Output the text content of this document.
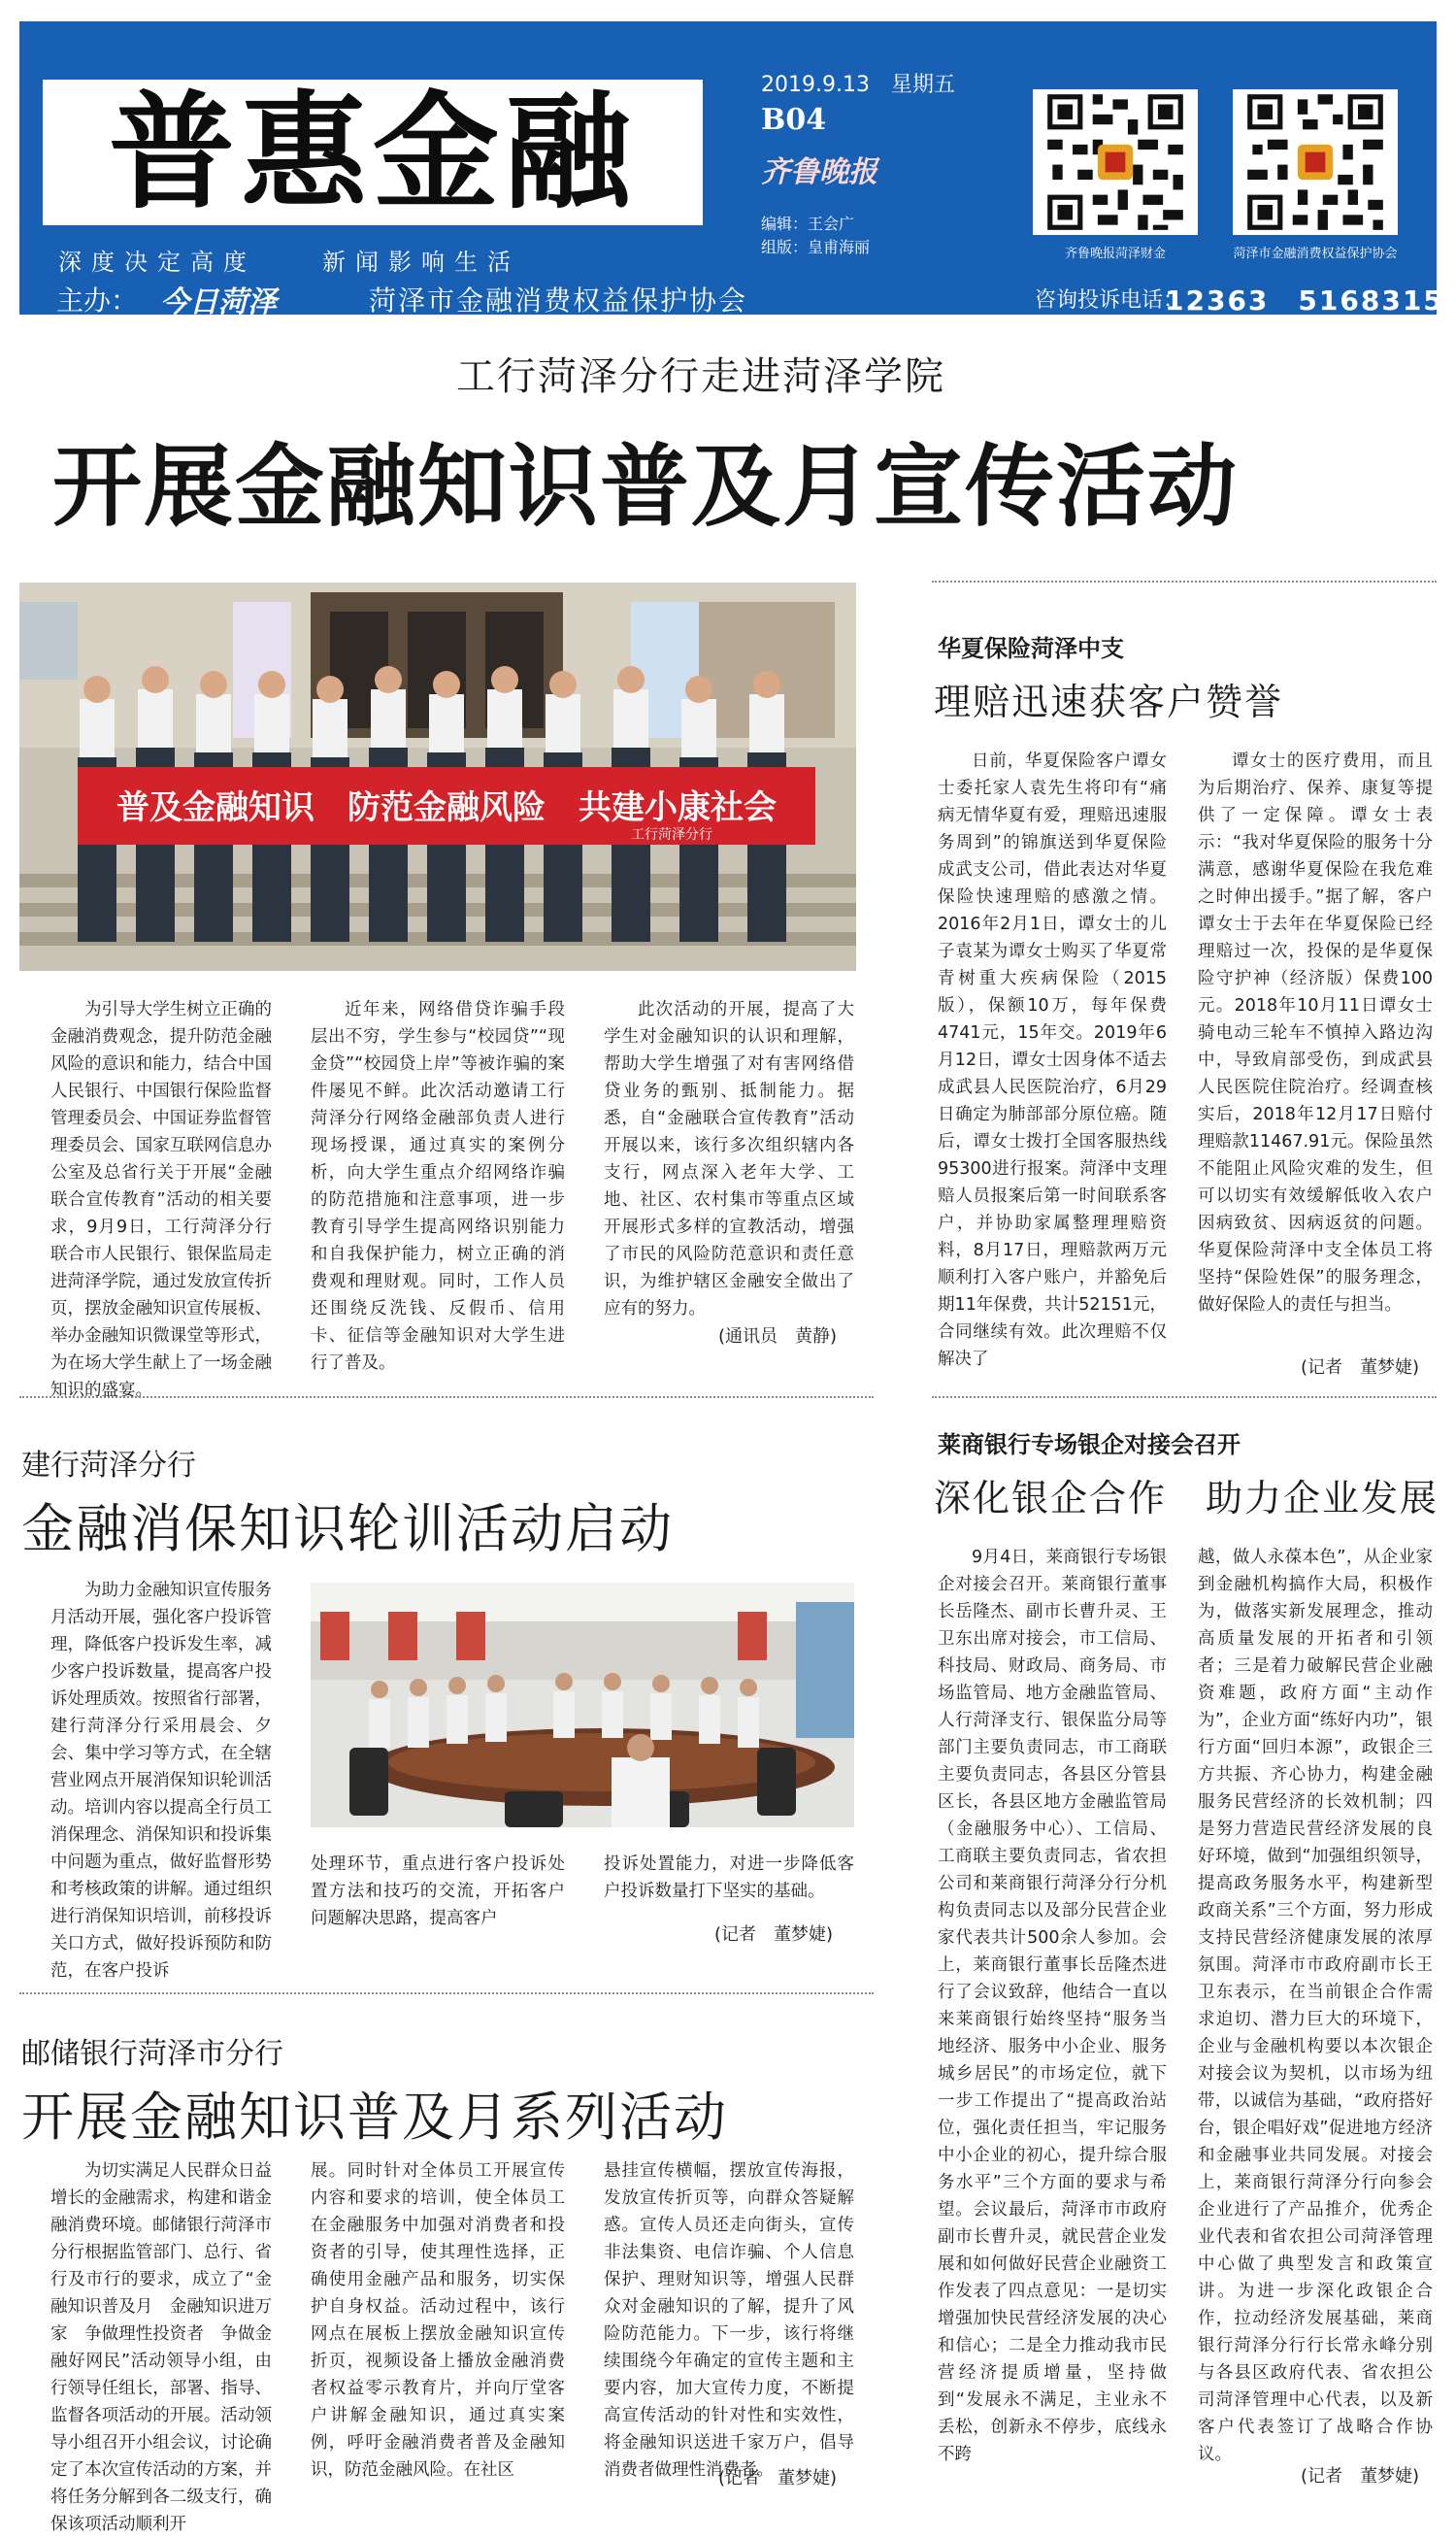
普惠金融
深度决定高度　　新闻影响生活
2019.9.13　星期五
B04
齐鲁晚报
编辑：王会广
组版：皇甫海丽	齐鲁晚报菏泽财金	菏泽市金融消费权益保护协会
主办： 今日菏泽	菏泽市金融消费权益保护协会	咨询投诉电话：
12363　5168315
工行菏泽分行走进菏泽学院
开展金融知识普及月宣传活动
普及金融知识　防范金融风险　共建小康社会
工行菏泽分行

为引导大学生树立正确的金融消费观念，提升防范金融风险的意识和能力，结合中国人民银行、中国银行保险监督管理委员会、中国证券监督管理委员会、国家互联网信息办公室及总省行关于开展“金融联合宣传教育”活动的相关要求，9月9日，工行菏泽分行联合市人民银行、银保监局走进菏泽学院，通过发放宣传折页，摆放金融知识宣传展板、举办金融知识微课堂等形式，为在场大学生献上了一场金融知识的盛宴。

近年来，网络借贷诈骗手段层出不穷，学生参与“校园贷”“现金贷”“校园贷上岸”等被诈骗的案件屡见不鲜。此次活动邀请工行菏泽分行网络金融部负责人进行现场授课，通过真实的案例分析，向大学生重点介绍网络诈骗的防范措施和注意事项，进一步教育引导学生提高网络识别能力和自我保护能力，树立正确的消费观和理财观。同时，工作人员还围绕反洗钱、反假币、信用卡、征信等金融知识对大学生进行了普及。

此次活动的开展，提高了大学生对金融知识的认识和理解，帮助大学生增强了对有害网络借贷业务的甄别、抵制能力。据悉，自“金融联合宣传教育”活动开展以来，该行多次组织辖内各支行，网点深入老年大学、工地、社区、农村集市等重点区域开展形式多样的宣教活动，增强了市民的风险防范意识和责任意识，为维护辖区金融安全做出了应有的努力。

(通讯员　黄静)
华夏保险菏泽中支
理赔迅速获客户赞誉

日前，华夏保险客户谭女士委托家人袁先生将印有“痛病无情华夏有爱，理赔迅速服务周到”的锦旗送到华夏保险成武支公司，借此表达对华夏保险快速理赔的感激之情。2016年2月1日，谭女士的儿子袁某为谭女士购买了华夏常青树重大疾病保险（2015版），保额10万，每年保费4741元，15年交。2019年6月12日，谭女士因身体不适去成武县人民医院治疗，6月29日确定为肺部部分原位癌。随后，谭女士拨打全国客服热线95300进行报案。菏泽中支理赔人员报案后第一时间联系客户，并协助家属整理理赔资料，8月17日，理赔款两万元顺利打入客户账户，并豁免后期11年保费，共计52151元，合同继续有效。此次理赔不仅解决了

谭女士的医疗费用，而且为后期治疗、保养、康复等提供了一定保障。谭女士表示：“我对华夏保险的服务十分满意，感谢华夏保险在我危难之时伸出援手。”据了解，客户谭女士于去年在华夏保险已经理赔过一次，投保的是华夏保险守护神（经济版）保费100元。2018年10月11日谭女士骑电动三轮车不慎掉入路边沟中，导致肩部受伤，到成武县人民医院住院治疗。经调查核实后，2018年12月17日赔付理赔款11467.91元。保险虽然不能阻止风险灾难的发生，但可以切实有效缓解低收入农户因病致贫、因病返贫的问题。华夏保险菏泽中支全体员工将坚持“保险姓保”的服务理念，做好保险人的责任与担当。

(记者　董梦婕)
建行菏泽分行
金融消保知识轮训活动启动

为助力金融知识宣传服务月活动开展，强化客户投诉管理，降低客户投诉发生率，减少客户投诉数量，提高客户投诉处理质效。按照省行部署，建行菏泽分行采用晨会、夕会、集中学习等方式，在全辖营业网点开展消保知识轮训活动。培训内容以提高全行员工消保理念、消保知识和投诉集中问题为重点，做好监督形势和考核政策的讲解。通过组织进行消保知识培训，前移投诉关口方式，做好投诉预防和防范，在客户投诉

处理环节，重点进行客户投诉处置方法和技巧的交流，开拓客户问题解决思路，提高客户

投诉处置能力，对进一步降低客户投诉数量打下坚实的基础。

(记者　董梦婕)
邮储银行菏泽市分行
开展金融知识普及月系列活动

为切实满足人民群众日益增长的金融需求，构建和谐金融消费环境。邮储银行菏泽市分行根据监管部门、总行、省行及市行的要求，成立了“金融知识普及月　金融知识进万家　争做理性投资者　争做金融好网民”活动领导小组，由行领导任组长，部署、指导、监督各项活动的开展。活动领导小组召开小组会议，讨论确定了本次宣传活动的方案，并将任务分解到各二级支行，确保该项活动顺利开

展。同时针对全体员工开展宣传内容和要求的培训，使全体员工在金融服务中加强对消费者和投资者的引导，使其理性选择，正确使用金融产品和服务，切实保护自身权益。活动过程中，该行网点在展板上摆放金融知识宣传折页，视频设备上播放金融消费者权益零示教育片，并向厅堂客户讲解金融知识，通过真实案例，呼吁金融消费者普及金融知识，防范金融风险。在社区

悬挂宣传横幅，摆放宣传海报，发放宣传折页等，向群众答疑解惑。宣传人员还走向街头，宣传非法集资、电信诈骗、个人信息保护、理财知识等，增强人民群众对金融知识的了解，提升了风险防范能力。下一步，该行将继续围绕今年确定的宣传主题和主要内容，加大宣传力度，不断提高宣传活动的针对性和实效性，将金融知识送进千家万户，倡导消费者做理性消费者。

(记者　董梦婕)
莱商银行专场银企对接会召开
深化银企合作　助力企业发展

9月4日，莱商银行专场银企对接会召开。莱商银行董事长岳隆杰、副市长曹升灵、王卫东出席对接会，市工信局、科技局、财政局、商务局、市场监管局、地方金融监管局、人行菏泽支行、银保监分局等部门主要负责同志，市工商联主要负责同志，各县区分管县区长，各县区地方金融监管局（金融服务中心）、工信局、工商联主要负责同志，省农担公司和莱商银行菏泽分行分机构负责同志以及部分民营企业家代表共计500余人参加。会上，莱商银行董事长岳隆杰进行了会议致辞，他结合一直以来莱商银行始终坚持“服务当地经济、服务中小企业、服务城乡居民”的市场定位，就下一步工作提出了“提高政治站位，强化责任担当，牢记服务中小企业的初心，提升综合服务水平”三个方面的要求与希望。会议最后，菏泽市市政府副市长曹升灵，就民营企业发展和如何做好民营企业融资工作发表了四点意见：一是切实增强加快民营经济发展的决心和信心；二是全力推动我市民营经济提质增量，坚持做到“发展永不满足，主业永不丢松，创新永不停步，底线永不跨

越，做人永葆本色”，从企业家到金融机构搞作大局，积极作为，做落实新发展理念，推动高质量发展的开拓者和引领者；三是着力破解民营企业融资难题，政府方面“主动作为”，企业方面“练好内功”，银行方面“回归本源”，政银企三方共振、齐心协力，构建金融服务民营经济的长效机制；四是努力营造民营经济发展的良好环境，做到“加强组织领导，提高政务服务水平，构建新型政商关系”三个方面，努力形成支持民营经济健康发展的浓厚氛围。菏泽市市政府副市长王卫东表示，在当前银企合作需求迫切、潜力巨大的环境下，企业与金融机构要以本次银企对接会议为契机，以市场为纽带，以诚信为基础，“政府搭好台，银企唱好戏”促进地方经济和金融事业共同发展。对接会上，莱商银行菏泽分行向参会企业进行了产品推介，优秀企业代表和省农担公司菏泽管理中心做了典型发言和政策宣讲。为进一步深化政银企合作，拉动经济发展基础，莱商银行菏泽分行行长常永峰分别与各县区政府代表、省农担公司菏泽管理中心代表，以及新客户代表签订了战略合作协议。

(记者　董梦婕)
